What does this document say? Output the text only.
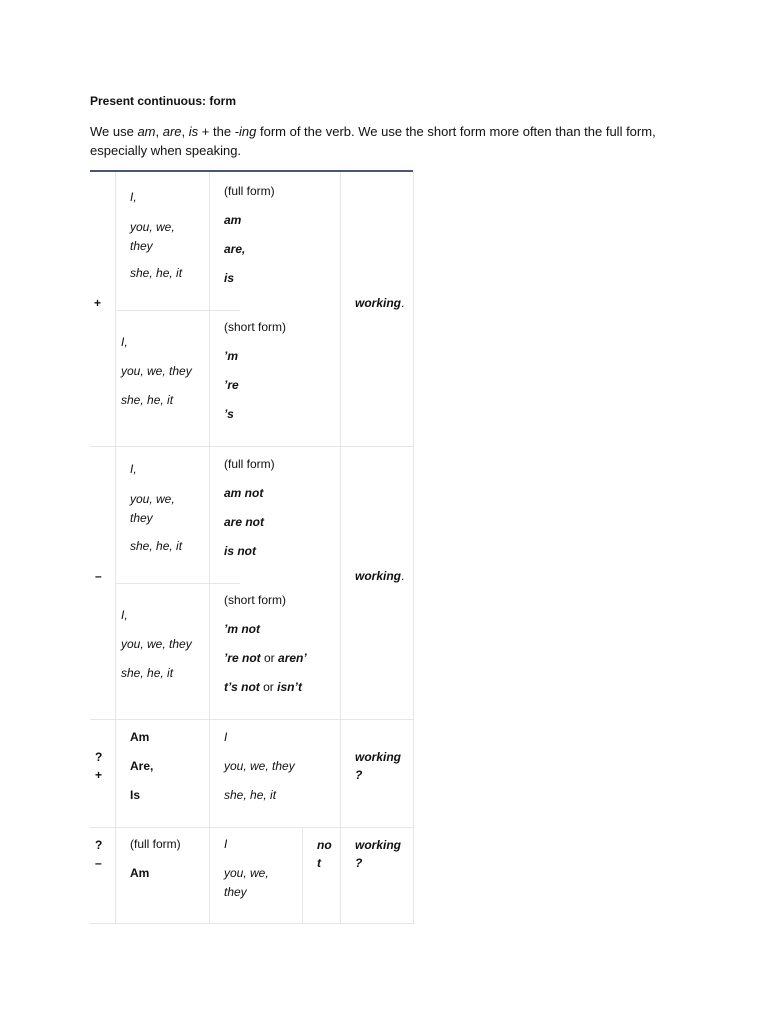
Present continuous: form
We use am, are, is + the -ing form of the verb. We use the short form more often than the full form, especially when speaking.
+
I,
you, we, they
she, he, it
(full form)
am
are,
is
I,
you, we, they
she, he, it
(short form)
’m
’re
’s
working.
–
I,
you, we, they
she, he, it
(full form)
am not
are not
is not
I,
you, we, they
she, he, it
(short form)
’m not
’re not or aren’
t’s not or isn’t
working.
?
+
Am
Are,
Is
I
you, we, they
she, he, it
working
?
?
–
(full form)
Am
I
you, we,
they
no
t
working
?
